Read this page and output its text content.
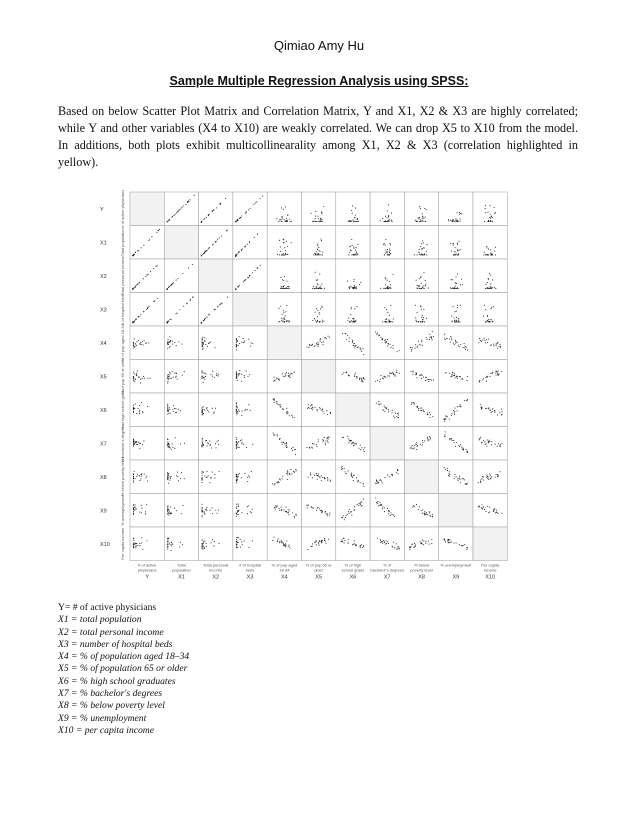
Qimiao Amy Hu
Sample Multiple Regression Analysis using SPSS:
Based on below Scatter Plot Matrix and Correlation Matrix, Y and X1, X2 & X3 are highly correlated; while Y and other variables (X4 to X10) are weakly correlated. We can drop X5 to X10 from the model. In additions, both plots exhibit multicollinearality among X1, X2 & X3 (correlation highlighted in yellow).
Y	# of active physicians
X1	Total population
X2	Total personal income
X3	# of hospital beds
X4	% of pop aged 18-34
X5	% of pop 65 or older
X6	% of high school grads
X7	% bachelor's degrees
X8	% below poverty level
X9	% unemployment
X10	Per capita income
# of active
physicians
Y
Total
population
X1
Total personal
income
X2
# of hospital
beds
X3
% of pop aged
18-34
X4
% of pop 65 or
older
X5
% of high
school grads
X6
% of
bachelor's degrees
X7
% below
poverty level
X8
% unemployment
X9
Per capita
income
X10
Y= # of active physicians
X1 = total population
X2 = total personal income
X3 = number of hospital beds
X4 = % of population aged 18–34
X5 = % of population 65 or older
X6 = % high school graduates
X7 = % bachelor's degrees
X8 = % below poverty level
X9 = % unemployment
X10 = per capita income
